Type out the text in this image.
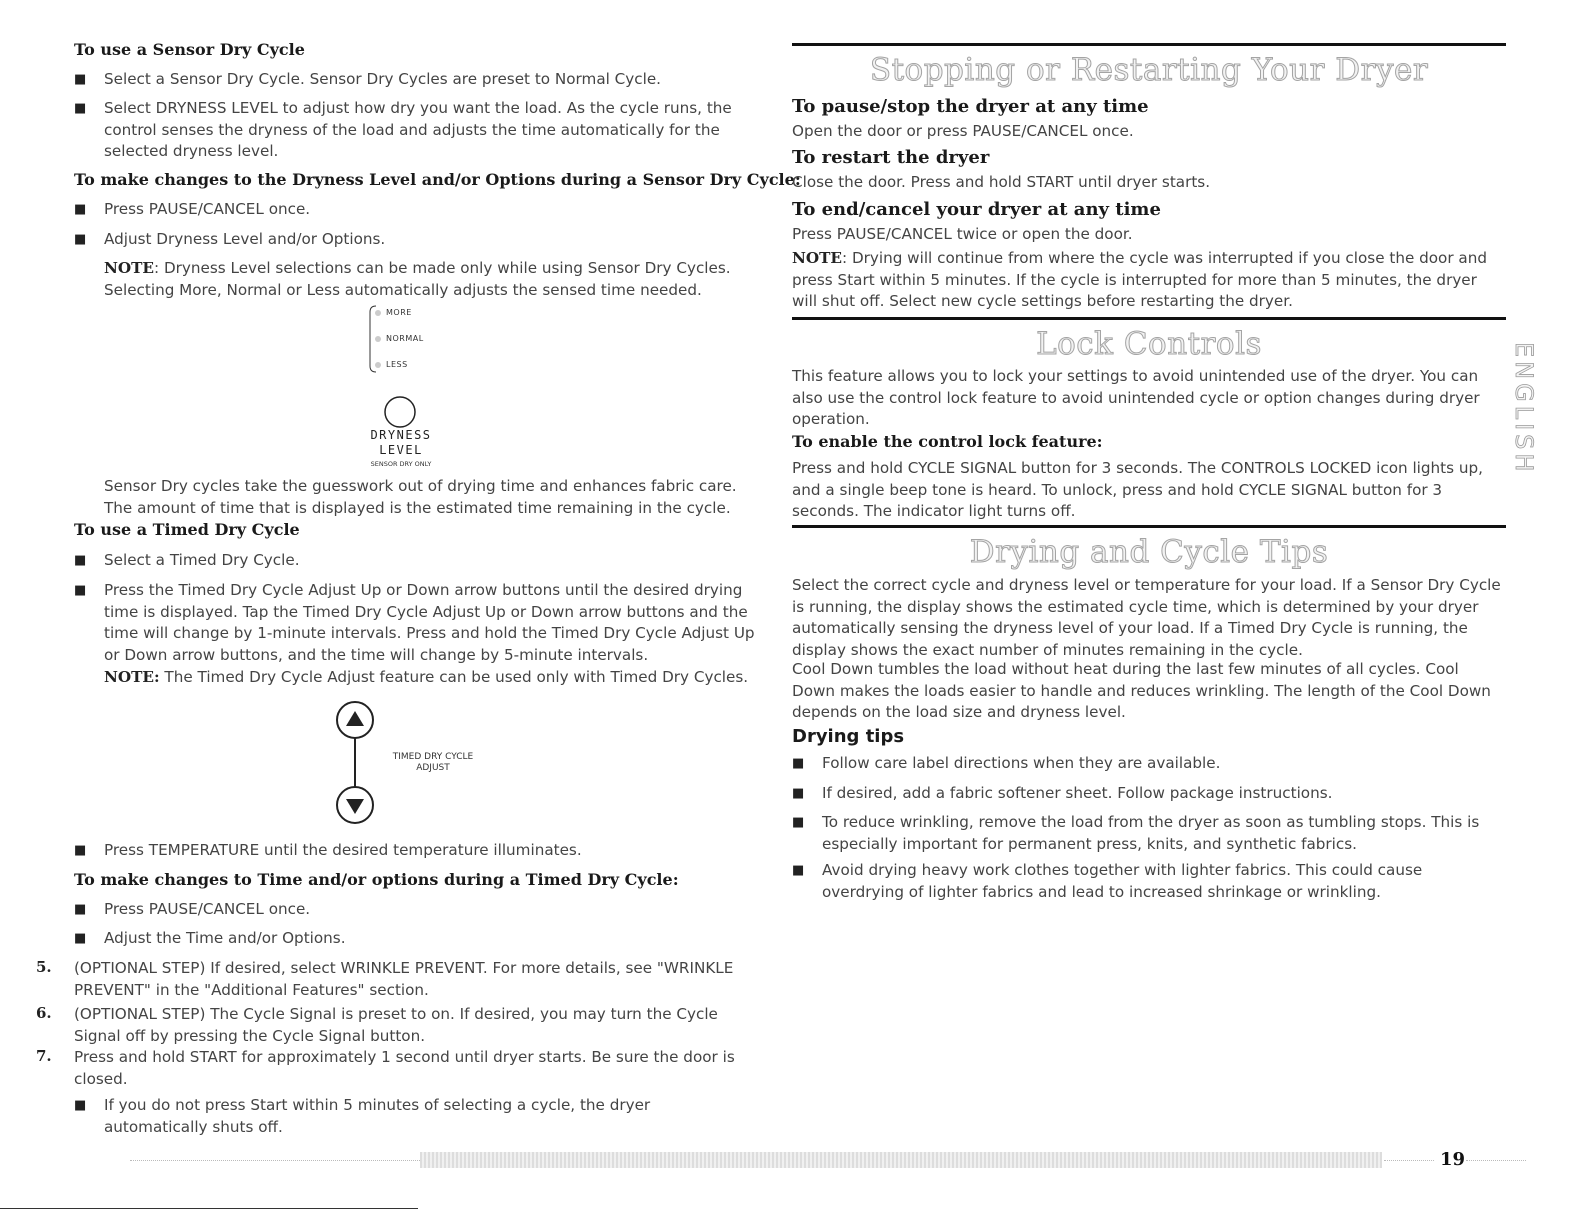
To use a Sensor Dry Cycle
■ Select a Sensor Dry Cycle. Sensor Dry Cycles are preset to Normal Cycle.
■ Select DRYNESS LEVEL to adjust how dry you want the load. As the cycle runs, the control senses the dryness of the load and adjusts the time automatically for the selected dryness level.
To make changes to the Dryness Level and/or Options during a Sensor Dry Cycle:
■ Press PAUSE/CANCEL once.
■ Adjust Dryness Level and/or Options.
NOTE: Dryness Level selections can be made only while using Sensor Dry Cycles. Selecting More, Normal or Less automatically adjusts the sensed time needed.
MORE
NORMAL
LESS
DRYNESS
LEVEL
SENSOR DRY ONLY
Sensor Dry cycles take the guesswork out of drying time and enhances fabric care. The amount of time that is displayed is the estimated time remaining in the cycle.
To use a Timed Dry Cycle
■ Select a Timed Dry Cycle.
■ Press the Timed Dry Cycle Adjust Up or Down arrow buttons until the desired drying time is displayed. Tap the Timed Dry Cycle Adjust Up or Down arrow buttons and the time will change by 1-minute intervals. Press and hold the Timed Dry Cycle Adjust Up or Down arrow buttons, and the time will change by 5-minute intervals.
NOTE: The Timed Dry Cycle Adjust feature can be used only with Timed Dry Cycles.
TIMED DRY CYCLE
ADJUST
■ Press TEMPERATURE until the desired temperature illuminates.
To make changes to Time and/or options during a Timed Dry Cycle:
■ Press PAUSE/CANCEL once.
■ Adjust the Time and/or Options.
5. (OPTIONAL STEP) If desired, select WRINKLE PREVENT. For more details, see "WRINKLE PREVENT" in the "Additional Features" section.
6. (OPTIONAL STEP) The Cycle Signal is preset to on. If desired, you may turn the Cycle Signal off by pressing the Cycle Signal button.
7. Press and hold START for approximately 1 second until dryer starts. Be sure the door is closed.
■ If you do not press Start within 5 minutes of selecting a cycle, the dryer automatically shuts off.
Stopping or Restarting Your Dryer
To pause/stop the dryer at any time
Open the door or press PAUSE/CANCEL once.
To restart the dryer
Close the door. Press and hold START until dryer starts.
To end/cancel your dryer at any time
Press PAUSE/CANCEL twice or open the door.
NOTE: Drying will continue from where the cycle was interrupted if you close the door and press Start within 5 minutes. If the cycle is interrupted for more than 5 minutes, the dryer will shut off. Select new cycle settings before restarting the dryer.
Lock Controls
This feature allows you to lock your settings to avoid unintended use of the dryer. You can also use the control lock feature to avoid unintended cycle or option changes during dryer operation.
To enable the control lock feature:
Press and hold CYCLE SIGNAL button for 3 seconds. The CONTROLS LOCKED icon lights up, and a single beep tone is heard. To unlock, press and hold CYCLE SIGNAL button for 3 seconds. The indicator light turns off.
Drying and Cycle Tips
Select the correct cycle and dryness level or temperature for your load. If a Sensor Dry Cycle is running, the display shows the estimated cycle time, which is determined by your dryer automatically sensing the dryness level of your load. If a Timed Dry Cycle is running, the display shows the exact number of minutes remaining in the cycle.
Cool Down tumbles the load without heat during the last few minutes of all cycles. Cool Down makes the loads easier to handle and reduces wrinkling. The length of the Cool Down depends on the load size and dryness level.
Drying tips
■ Follow care label directions when they are available.
■ If desired, add a fabric softener sheet. Follow package instructions.
■ To reduce wrinkling, remove the load from the dryer as soon as tumbling stops. This is especially important for permanent press, knits, and synthetic fabrics.
■ Avoid drying heavy work clothes together with lighter fabrics. This could cause overdrying of lighter fabrics and lead to increased shrinkage or wrinkling.
ENGLISH
19
